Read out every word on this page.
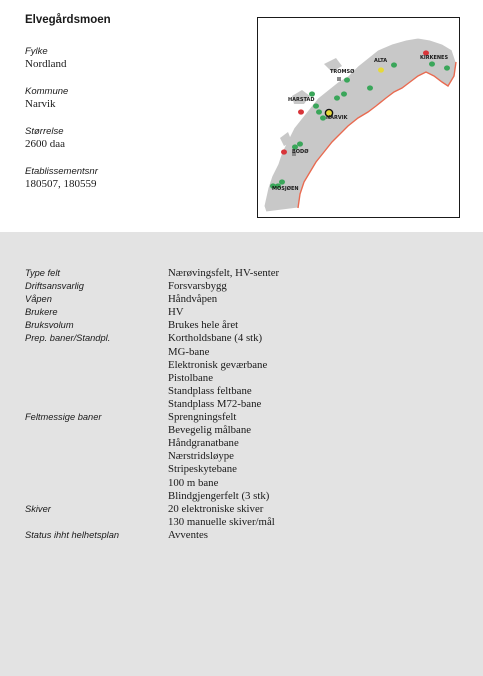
Elvegårdsmoen
Fylke
Nordland
Kommune
Narvik
Størrelse
2600 daa
Etablissementsnr
180507, 180559
ALTA	KIRKENES
TROMSØ
HARSTAD
NARVIK
BODØ
MOSJØEN
Type felt	Nærøvingsfelt, HV-senter
Driftsansvarlig	Forsvarsbygg
Våpen	Håndvåpen
Brukere	HV
Bruksvolum	Brukes hele året
Prep. baner/Standpl.	Kortholdsbane (4 stk)
MG-bane
Elektronisk geværbane
Pistolbane
Standplass feltbane
Standplass M72-bane
Feltmessige baner	Sprengningsfelt
Bevegelig målbane
Håndgranatbane
Nærstridsløype
Stripeskytebane
100 m bane
Blindgjengerfelt (3 stk)
Skiver	20 elektroniske skiver
130 manuelle skiver/mål
Status ihht helhetsplan	Avventes
